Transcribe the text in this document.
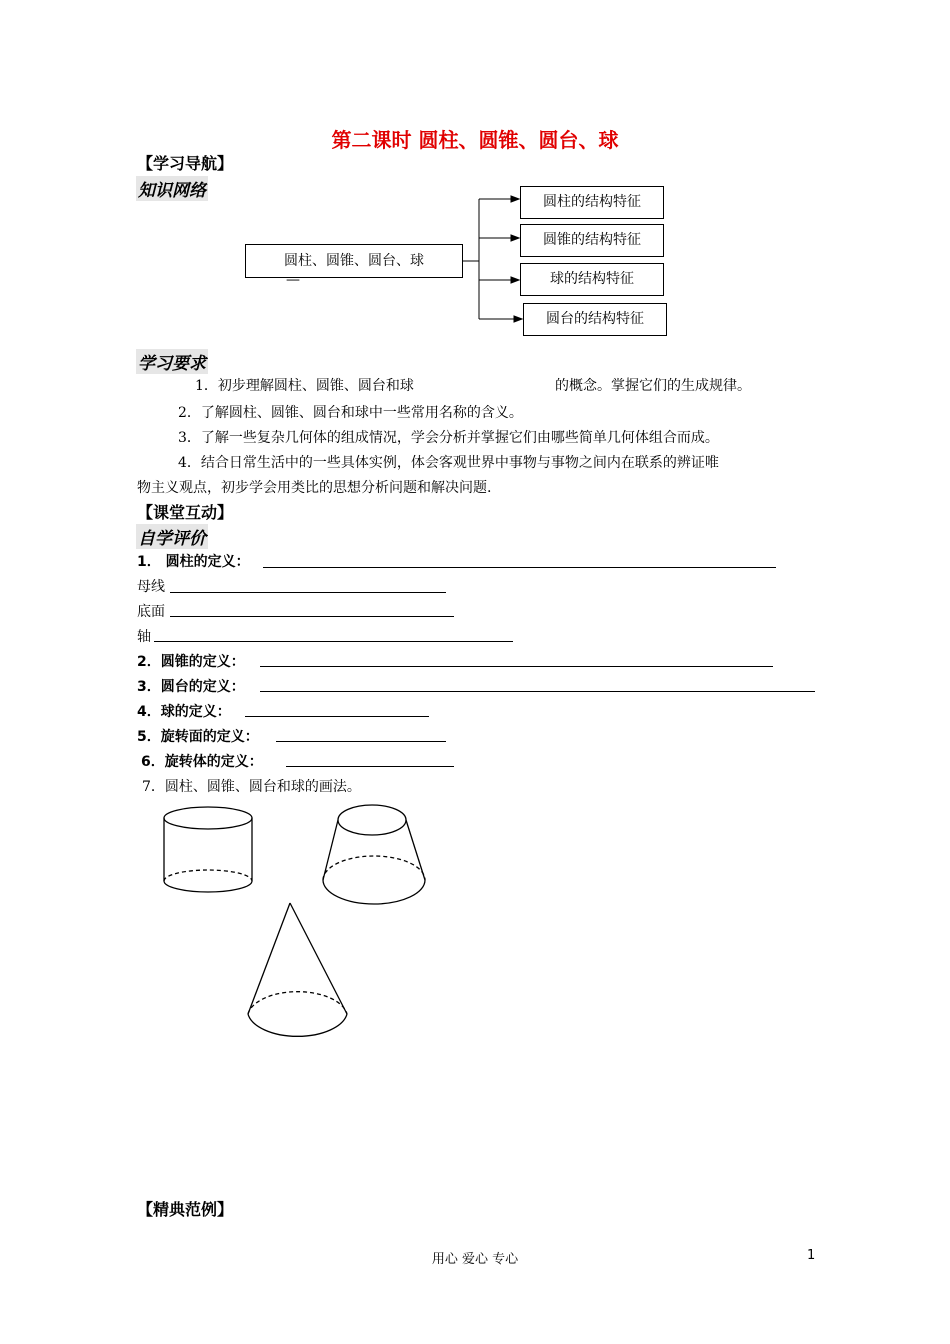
第二课时 圆柱、圆锥、圆台、球
【学习导航】
知识网络
圆柱、圆锥、圆台、球
—
圆柱的结构特征
圆锥的结构特征
球的结构特征
圆台的结构特征
学习要求
1．初步理解圆柱、圆锥、圆台和球	的概念。掌握它们的生成规律。
2．了解圆柱、圆锥、圆台和球中一些常用名称的含义。
3．了解一些复杂几何体的组成情况，学会分析并掌握它们由哪些简单几何体组合而成。
4．结合日常生活中的一些具体实例，体会客观世界中事物与事物之间内在联系的辨证唯
物主义观点，初步学会用类比的思想分析问题和解决问题.
【课堂互动】
自学评价
1． 圆柱的定义：
母线
底面
轴
2．圆锥的定义：
3．圆台的定义：
4．球的定义：
5．旋转面的定义：
6．旋转体的定义：
7．圆柱、圆锥、圆台和球的画法。
【精典范例】
用心 爱心 专心	1
